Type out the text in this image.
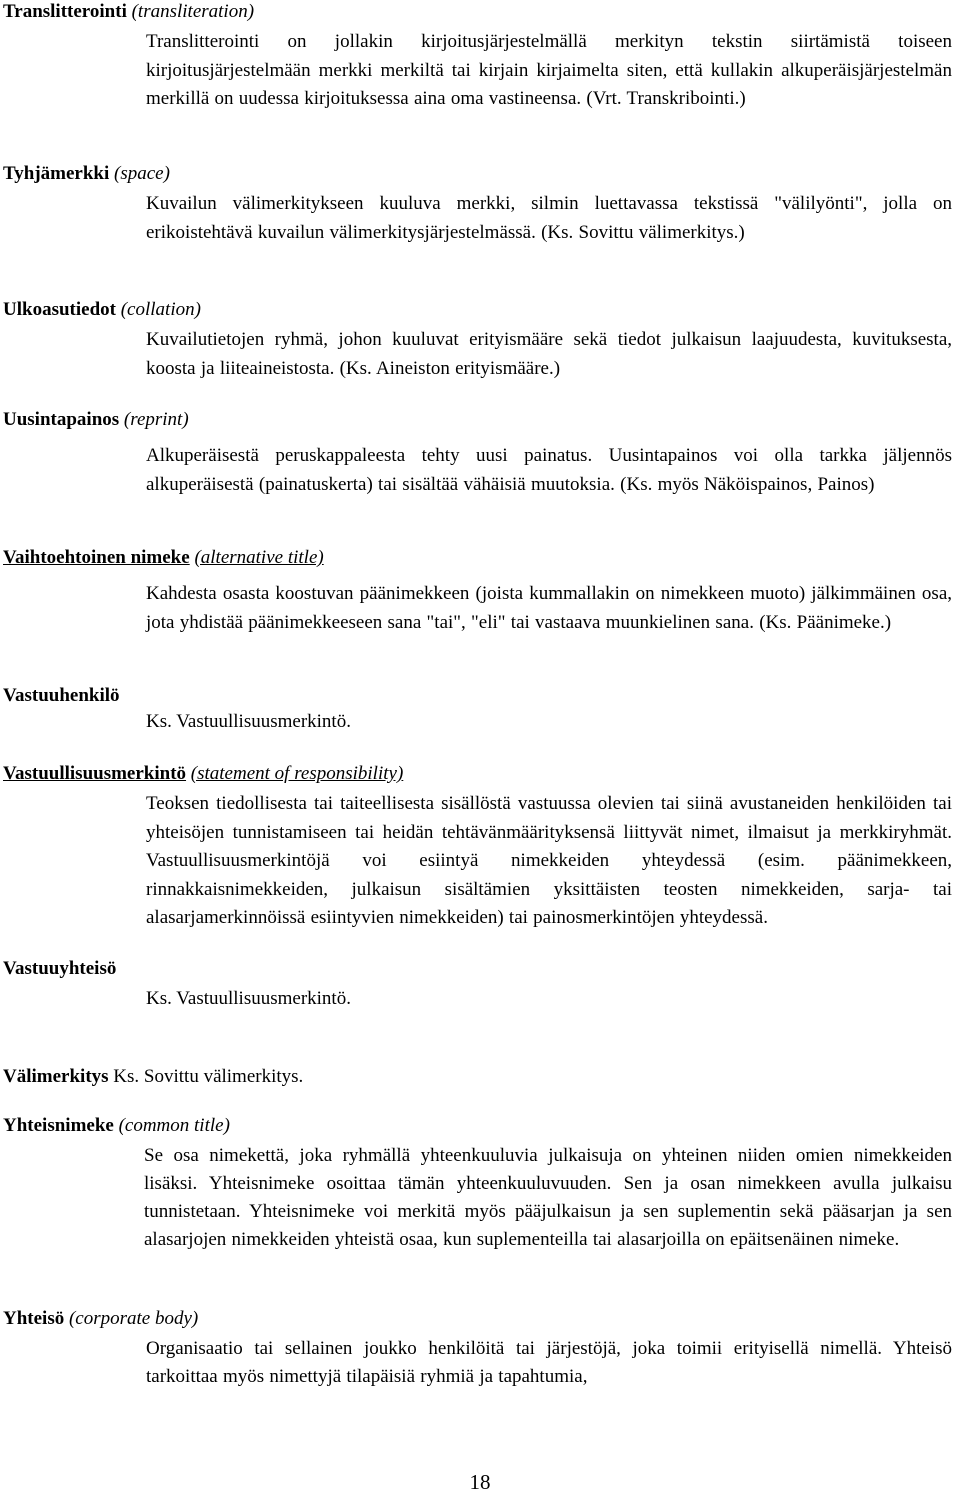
Translitterointi (transliteration)
Translitterointi on jollakin kirjoitusjärjestelmällä merkityn tekstin siirtämistä toiseen kirjoitusjärjestelmään merkki merkiltä tai kirjain kirjaimelta siten, että kullakin alkuperäisjärjestelmän merkillä on uudessa kirjoituksessa aina oma vastineensa. (Vrt. Transkribointi.)
Tyhjämerkki (space)
Kuvailun välimerkitykseen kuuluva merkki, silmin luettavassa tekstissä "välilyönti", jolla on erikoistehtävä kuvailun välimerkitysjärjestelmässä. (Ks. Sovittu välimerkitys.)
Ulkoasutiedot (collation)
Kuvailutietojen ryhmä, johon kuuluvat erityismääre sekä tiedot julkaisun laajuudesta, kuvituksesta, koosta ja liiteaineistosta. (Ks. Aineiston erityismääre.)
Uusintapainos (reprint)
Alkuperäisestä peruskappaleesta tehty uusi painatus. Uusintapainos voi olla tarkka jäljennös alkuperäisestä (painatuskerta) tai sisältää vähäisiä muutoksia. (Ks. myös Näköispainos, Painos)
Vaihtoehtoinen nimeke (alternative title)
Kahdesta osasta koostuvan päänimekkeen (joista kummallakin on nimekkeen muoto) jälkimmäinen osa, jota yhdistää päänimekkeeseen sana "tai", "eli" tai vastaava muunkielinen sana. (Ks. Päänimeke.)
Vastuuhenkilö
Ks. Vastuullisuusmerkintö.
Vastuullisuusmerkintö (statement of responsibility)
Teoksen tiedollisesta tai taiteellisesta sisällöstä vastuussa olevien tai siinä avustaneiden henkilöiden tai yhteisöjen tunnistamiseen tai heidän tehtävänmäärityksensä liittyvät nimet, ilmaisut ja merkkiryhmät. Vastuullisuusmerkintöjä voi esiintyä nimekkeiden yhteydessä (esim. päänimekkeen, rinnakkaisnimekkeiden, julkaisun sisältämien yksittäisten teosten nimekkeiden, sarja- tai alasarjamerkinnöissä esiintyvien nimekkeiden) tai painosmerkintöjen yhteydessä.
Vastuuyhteisö
Ks. Vastuullisuusmerkintö.
Välimerkitys Ks. Sovittu välimerkitys.
Yhteisnimeke (common title)
Se osa nimekettä, joka ryhmällä yhteenkuuluvia julkaisuja on yhteinen niiden omien nimekkeiden lisäksi. Yhteisnimeke osoittaa tämän yhteenkuuluvuuden. Sen ja osan nimekkeen avulla julkaisu tunnistetaan. Yhteisnimeke voi merkitä myös pääjulkaisun ja sen suplementin sekä pääsarjan ja sen alasarjojen nimekkeiden yhteistä osaa, kun suplementeilla tai alasarjoilla on epäitsenäinen nimeke.
Yhteisö (corporate body)
Organisaatio tai sellainen joukko henkilöitä tai järjestöjä, joka toimii erityisellä nimellä. Yhteisö tarkoittaa myös nimettyjä tilapäisiä ryhmiä ja tapahtumia,
18
